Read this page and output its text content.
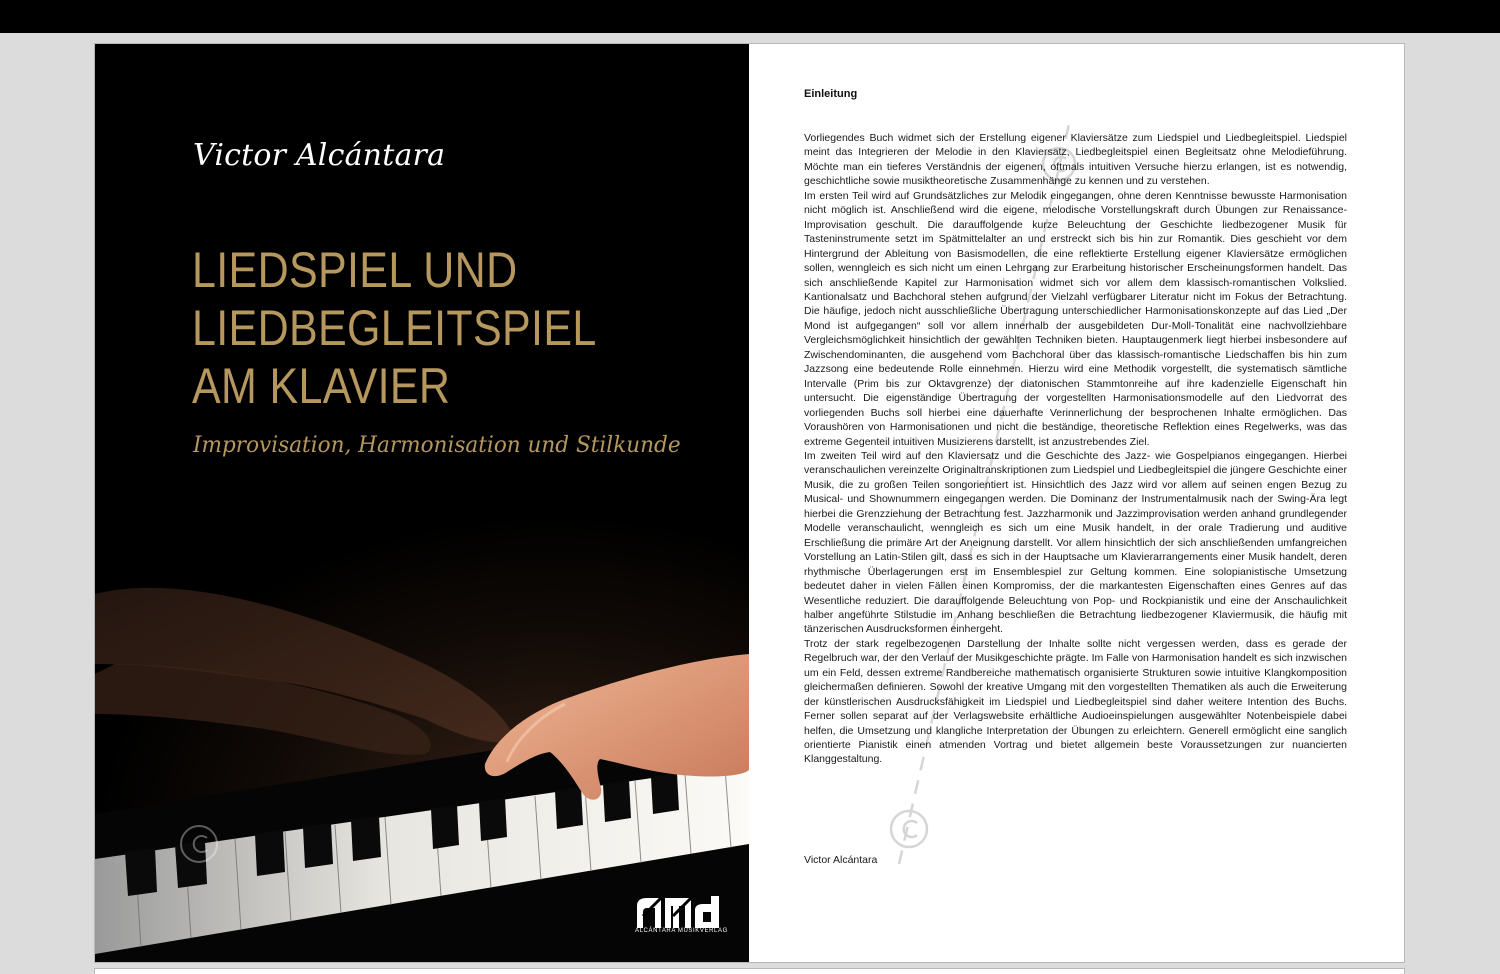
Victor Alcántara
LIEDSPIEL UND
LIEDBEGLEITSPIEL
AM KLAVIER
Improvisation, Harmonisation und Stilkunde
ALCÁNTARA MUSIKVERLAG
Einleitung

Vorliegendes Buch widmet sich der Erstellung eigener Klaviersätze zum Liedspiel und Liedbegleitspiel. Liedspiel meint das Integrieren der Melodie in den Klaviersatz, Liedbegleitspiel einen Begleitsatz ohne Melodieführung. Möchte man ein tieferes Verständnis der eigenen, oftmals intuitiven Versuche hierzu erlangen, ist es notwendig, geschichtliche sowie musiktheoretische Zusammenhänge zu kennen und zu verstehen.

Im ersten Teil wird auf Grundsätzliches zur Melodik eingegangen, ohne deren Kenntnisse bewusste Harmonisation nicht möglich ist. Anschließend wird die eigene, melodische Vorstellungskraft durch Übungen zur Renaissance-Improvisation geschult. Die darauffolgende kurze Beleuchtung der Geschichte liedbezogener Musik für Tasteninstrumente setzt im Spätmittelalter an und erstreckt sich bis hin zur Romantik. Dies geschieht vor dem Hintergrund der Ableitung von Basismodellen, die eine reflektierte Erstellung eigener Klaviersätze ermöglichen sollen, wenngleich es sich nicht um einen Lehrgang zur Erarbeitung historischer Erscheinungsformen handelt. Das sich anschließende Kapitel zur Harmonisation widmet sich vor allem dem klassisch-romantischen Volkslied. Kantionalsatz und Bachchoral stehen aufgrund der Vielzahl verfügbarer Literatur nicht im Fokus der Betrachtung. Die häufige, jedoch nicht ausschließliche Übertragung unterschiedlicher Harmonisationskonzepte auf das Lied „Der Mond ist aufgegangen“ soll vor allem innerhalb der ausgebildeten Dur-Moll-Tonalität eine nachvollziehbare Vergleichsmöglichkeit hinsichtlich der gewählten Techniken bieten. Hauptaugenmerk liegt hierbei insbesondere auf Zwischendominanten, die ausgehend vom Bachchoral über das klassisch-romantische Liedschaffen bis hin zum Jazzsong eine bedeutende Rolle einnehmen. Hierzu wird eine Methodik vorgestellt, die systematisch sämtliche Intervalle (Prim bis zur Oktavgrenze) der diatonischen Stammtonreihe auf ihre kadenzielle Eigenschaft hin untersucht. Die eigenständige Übertragung der vorgestellten Harmonisationsmodelle auf den Liedvorrat des vorliegenden Buchs soll hierbei eine dauerhafte Verinnerlichung der besprochenen Inhalte ermöglichen. Das Voraushören von Harmonisationen und nicht die beständige, theoretische Reflektion eines Regelwerks, was das extreme Gegenteil intuitiven Musizierens darstellt, ist anzustrebendes Ziel.

Im zweiten Teil wird auf den Klaviersatz und die Geschichte des Jazz- wie Gospelpianos eingegangen. Hierbei veranschaulichen vereinzelte Originaltranskriptionen zum Liedspiel und Liedbegleitspiel die jüngere Geschichte einer Musik, die zu großen Teilen songorientiert ist. Hinsichtlich des Jazz wird vor allem auf seinen engen Bezug zu Musical- und Shownummern eingegangen werden. Die Dominanz der Instrumentalmusik nach der Swing-Ära legt hierbei die Grenzziehung der Betrachtung fest. Jazzharmonik und Jazzimprovisation werden anhand grundlegender Modelle veranschaulicht, wenngleich es sich um eine Musik handelt, in der orale Tradierung und auditive Erschließung die primäre Art der Aneignung darstellt. Vor allem hinsichtlich der sich anschließenden umfangreichen Vorstellung an Latin-Stilen gilt, dass es sich in der Hauptsache um Klavierarrangements einer Musik handelt, deren rhythmische Überlagerungen erst im Ensemblespiel zur Geltung kommen. Eine solopianistische Umsetzung bedeutet daher in vielen Fällen einen Kompromiss, der die markantesten Eigenschaften eines Genres auf das Wesentliche reduziert. Die darauffolgende Beleuchtung von Pop- und Rockpianistik und eine der Anschaulichkeit halber angeführte Stilstudie im Anhang beschließen die Betrachtung liedbezogener Klaviermusik, die häufig mit tänzerischen Ausdrucksformen einhergeht.

Trotz der stark regelbezogenen Darstellung der Inhalte sollte nicht vergessen werden, dass es gerade der Regelbruch war, der den Verlauf der Musikgeschichte prägte. Im Falle von Harmonisation handelt es sich inzwischen um ein Feld, dessen extreme Randbereiche mathematisch organisierte Strukturen sowie intuitive Klangkomposition gleichermaßen definieren. Sowohl der kreative Umgang mit den vorgestellten Thematiken als auch die Erweiterung der künstlerischen Ausdrucksfähigkeit im Liedspiel und Liedbegleitspiel sind daher weitere Intention des Buchs. Ferner sollen separat auf der Verlagswebsite erhältliche Audioeinspielungen ausgewählter Notenbeispiele dabei helfen, die Umsetzung und klangliche Interpretation der Übungen zu erleichtern. Generell ermöglicht eine sanglich orientierte Pianistik einen atmenden Vortrag und bietet allgemein beste Voraussetzungen zur nuancierten Klanggestaltung.

Victor Alcántara
